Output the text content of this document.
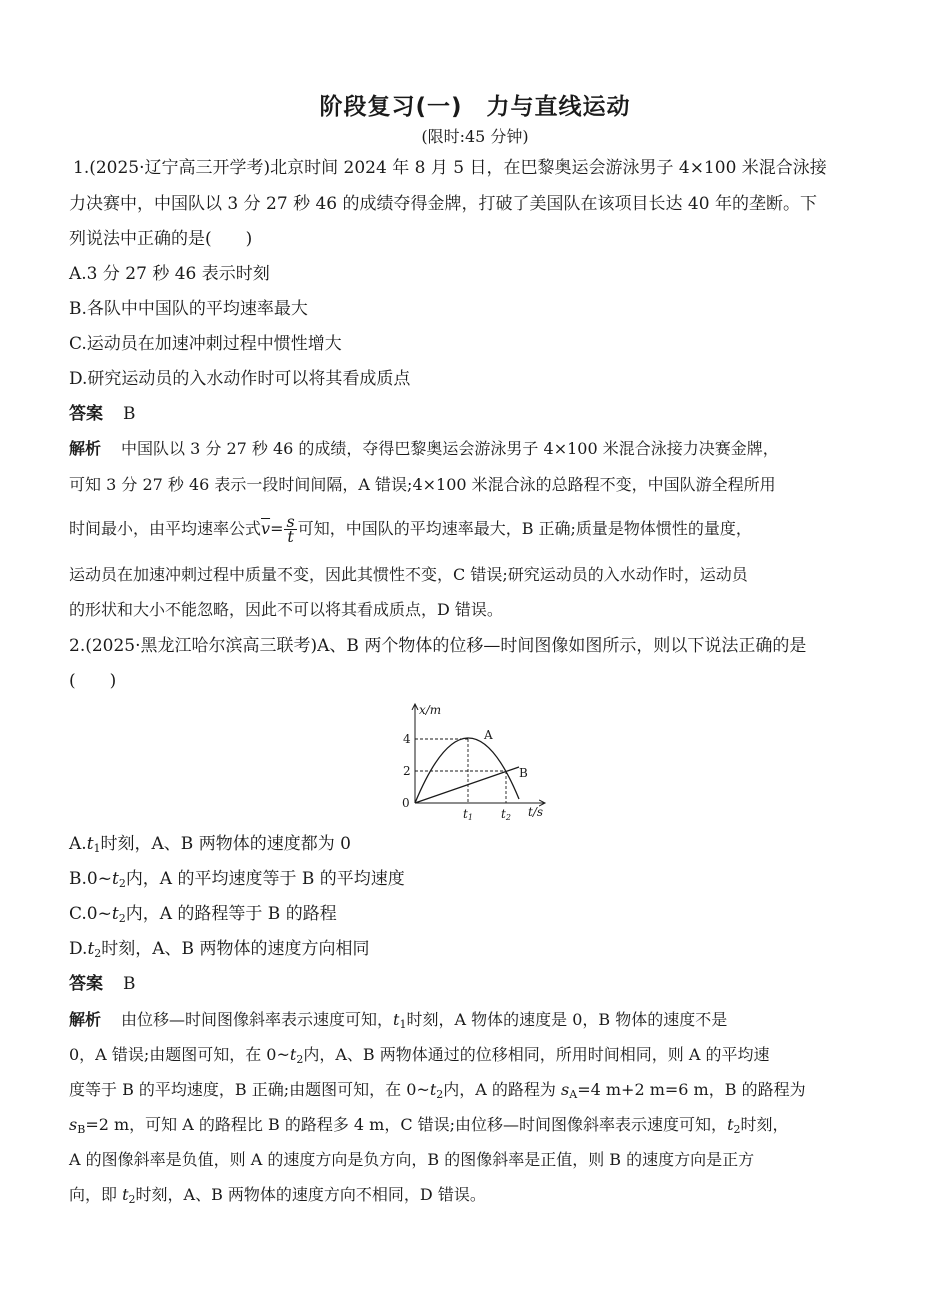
阶段复习(一)　力与直线运动
(限时:45 分钟)
1.(2025·辽宁高三开学考)北京时间 2024 年 8 月 5 日，在巴黎奥运会游泳男子 4×100 米混合泳接
力决赛中，中国队以 3 分 27 秒 46 的成绩夺得金牌，打破了美国队在该项目长达 40 年的垄断。下
列说法中正确的是(　　)
A.3 分 27 秒 46 表示时刻
B.各队中中国队的平均速率最大
C.运动员在加速冲刺过程中惯性增大
D.研究运动员的入水动作时可以将其看成质点
答案 B
解析 中国队以 3 分 27 秒 46 的成绩，夺得巴黎奥运会游泳男子 4×100 米混合泳接力决赛金牌，
可知 3 分 27 秒 46 表示一段时间间隔，A 错误;4×100 米混合泳的总路程不变，中国队游全程所用
时间最小，由平均速率公式$\overline{v}= \frac{s}{t}$ 可知，中国队的平均速率最大，B 正确;质量是物体惯性的量度，
运动员在加速冲刺过程中质量不变，因此其惯性不变，C 错误;研究运动员的入水动作时，运动员
的形状和大小不能忽略，因此不可以将其看成质点，D 错误。
2.(2025·黑龙江哈尔滨高三联考)A、B 两个物体的位移—时间图像如图所示，则以下说法正确的是
(　　)
x/m
t/s
0
4
2
t1 t2
A
B
$A.t_1$时刻，A、B 两物体的速度都为 0
$B.0\sim t_2$内，A 的平均速度等于 B 的平均速度
$C.0\sim t_2$内，A 的路程等于 B 的路程
$D.t_2$时刻，A、B 两物体的速度方向相同
答案 B
解析 由位移—时间图像斜率表示速度可知，$t_1$时刻，A 物体的速度是 0，B 物体的速度不是
0，A 错误;由题图可知，在 $0\sim t_2$内，A、B 两物体通过的位移相同，所用时间相同，则 A 的平均速
度等于 B 的平均速度，B 正确;由题图可知，在 $0\sim t_2$内，A 的路程为 $s_A=4$ m+2 m=6 m，B 的路程为
$s_B=2$ m，可知 A 的路程比 B 的路程多 4 m，C 错误;由位移—时间图像斜率表示速度可知，$t_2$时刻，
A 的图像斜率是负值，则 A 的速度方向是负方向，B 的图像斜率是正值，则 B 的速度方向是正方
向，即 $t_2$时刻，A、B 两物体的速度方向不相同，D 错误。
